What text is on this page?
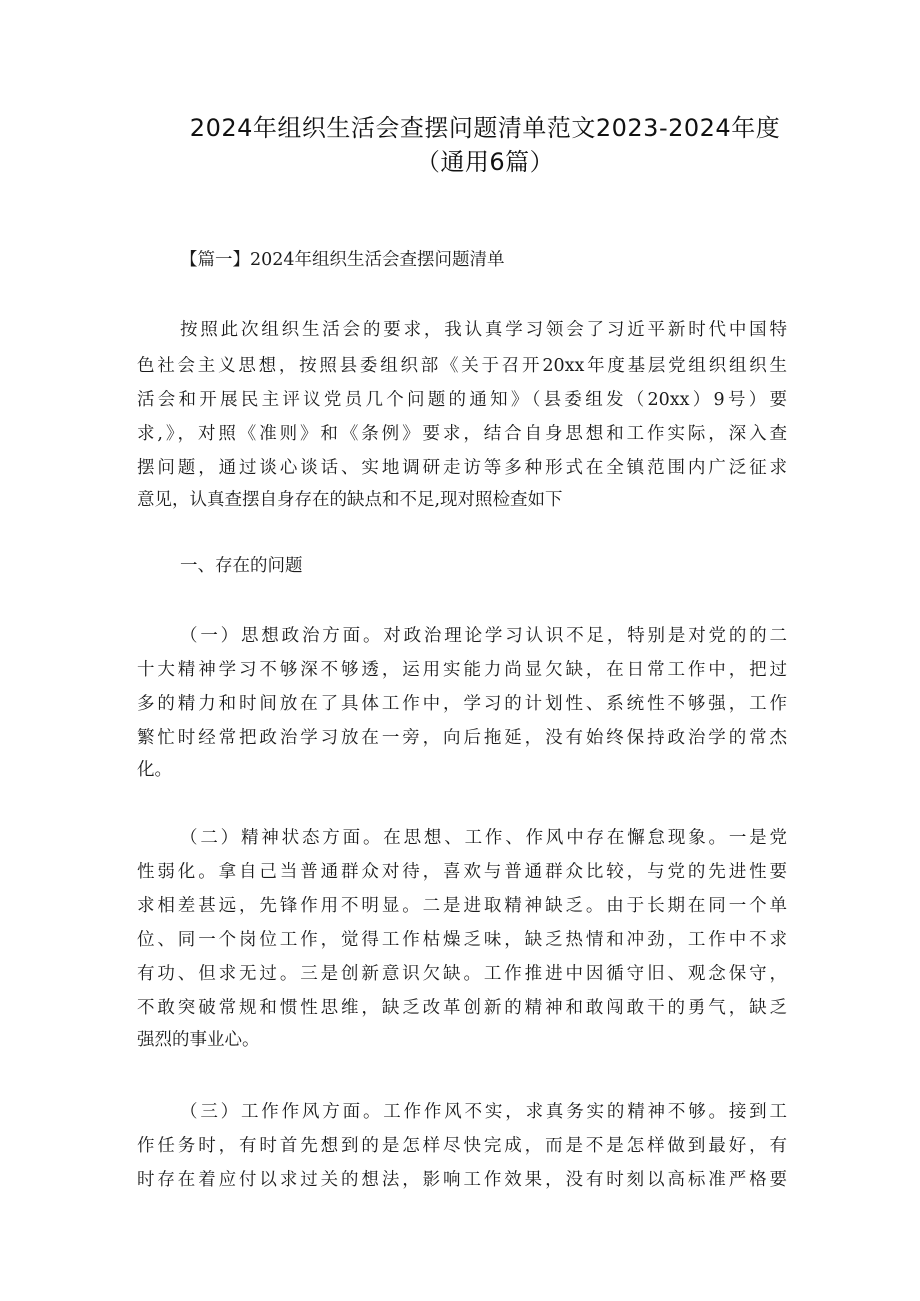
2024年组织生活会查摆问题清单范文2023-2024年度
（通用6篇）
【篇一】2024年组织生活会查摆问题清单
按照此次组织生活会的要求，我认真学习领会了习近平新时代中国特
色社会主义思想，按照县委组织部《关于召开20xx年度基层党组织组织生
活会和开展民主评议党员几个问题的通知》（县委组发（20xx）9号）要
求,》，对照《准则》和《条例》要求，结合自身思想和工作实际，深入查
摆问题，通过谈心谈话、实地调研走访等多种形式在全镇范围内广泛征求
意见，认真查摆自身存在的缺点和不足,现对照检查如下
一、存在的问题
（一）思想政治方面。对政治理论学习认识不足，特别是对党的的二
十大精神学习不够深不够透，运用实能力尚显欠缺，在日常工作中，把过
多的精力和时间放在了具体工作中，学习的计划性、系统性不够强，工作
繁忙时经常把政治学习放在一旁，向后拖延，没有始终保持政治学的常杰
化。
（二）精神状态方面。在思想、工作、作风中存在懈怠现象。一是党
性弱化。拿自己当普通群众对待，喜欢与普通群众比较，与党的先进性要
求相差甚远，先锋作用不明显。二是进取精神缺乏。由于长期在同一个单
位、同一个岗位工作，觉得工作枯燥乏味，缺乏热情和冲劲，工作中不求
有功、但求无过。三是创新意识欠缺。工作推进中因循守旧、观念保守，
不敢突破常规和惯性思维，缺乏改革创新的精神和敢闯敢干的勇气，缺乏
强烈的事业心。
（三）工作作风方面。工作作风不实，求真务实的精神不够。接到工
作任务时，有时首先想到的是怎样尽快完成，而是不是怎样做到最好，有
时存在着应付以求过关的想法，影响工作效果，没有时刻以高标准严格要
